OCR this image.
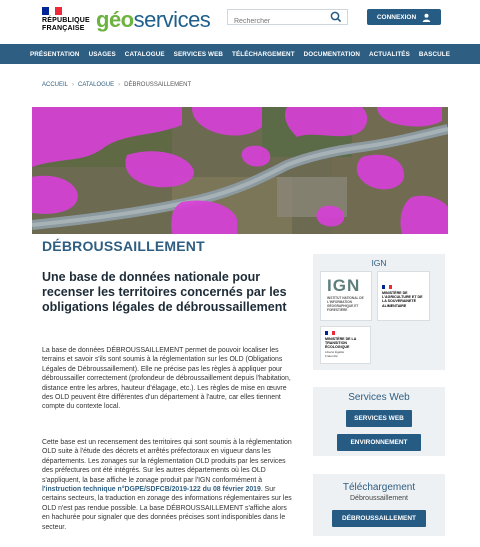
RÉPUBLIQUE
FRANÇAISE géoservices
Rechercher	CONNEXION
PRÉSENTATION USAGES CATALOGUE SERVICES WEB TÉLÉCHARGEMENT DOCUMENTATION ACTUALITÉS BASCULE
ACCUEIL › CATALOGUE › DÉBROUSSAILLEMENT
DÉBROUSSAILLEMENT
Une base de données nationale pour recenser les territoires concernés par les obligations légales de débroussaillement
La base de données DÉBROUSSAILLEMENT permet de pouvoir localiser les terrains et savoir s'ils sont soumis à la réglementation sur les OLD (Obligations Légales de Débroussaillement). Elle ne précise pas les règles à appliquer pour débroussailler correctement (profondeur de débroussaillement depuis l'habitation, distance entre les arbres, hauteur d'élagage, etc.). Les règles de mise en œuvre des OLD peuvent être différentes d'un département à l'autre, car elles tiennent compte du contexte local.
Cette base est un recensement des territoires qui sont soumis à la réglementation OLD suite à l'étude des décrets et arrêtés préfectoraux en vigueur dans les départements. Les zonages sur la réglementation OLD produits par les services des préfectures ont été intégrés. Sur les autres départements où les OLD s'appliquent, la base affiche le zonage produit par l'IGN conformément à l'instruction technique n°DGPE/SDFCB/2019-122 du 08 février 2019. Sur certains secteurs, la traduction en zonage des informations réglementaires sur les OLD n'est pas rendue possible. La base DÉBROUSSAILLEMENT s'affiche alors en hachurée pour signaler que des données précises sont indisponibles dans le secteur.
IGN
IGN
INSTITUT NATIONAL DE L'INFORMATION GÉOGRAPHIQUE ET FORESTIÈRE
MINISTÈRE DE L'AGRICULTURE ET DE LA SOUVERAINETÉ ALIMENTAIRE
MINISTÈRE DE LA TRANSITION ÉCOLOGIQUE
Liberté Égalité Fraternité
Services Web
SERVICES WEB
ENVIRONNEMENT
Téléchargement
Débroussaillement
DÉBROUSSAILLEMENT
